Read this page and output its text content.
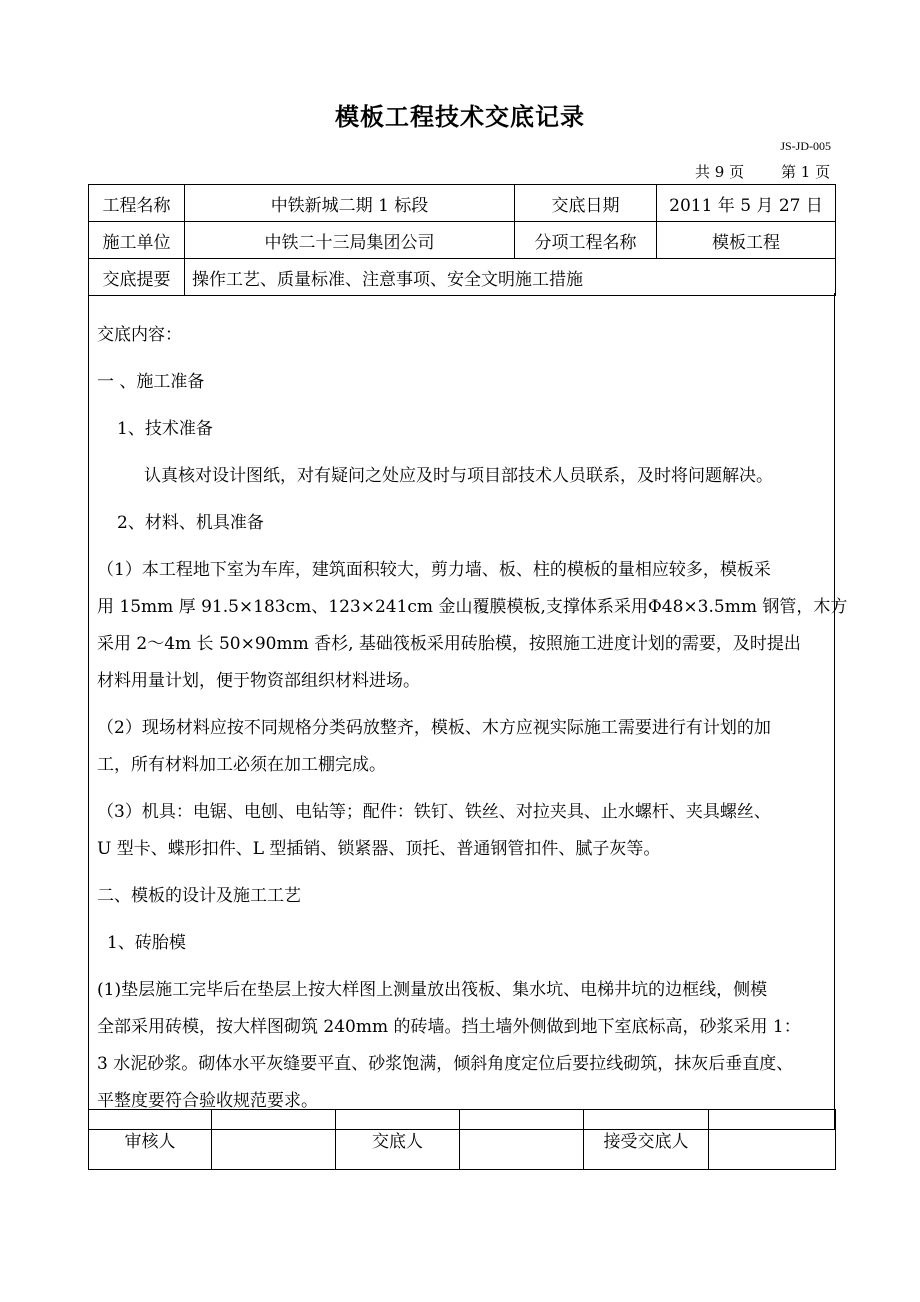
模板工程技术交底记录
JS-JD-005
共 9 页 第 1 页
工程名称	中铁新城二期 1 标段	交底日期	2011 年 5 月 27 日
施工单位	中铁二十三局集团公司	分项工程名称	模板工程
交底提要	操作工艺、质量标准、注意事项、安全文明施工措施		
交底内容：
一 、施工准备
1、技术准备
认真核对设计图纸，对有疑问之处应及时与项目部技术人员联系，及时将问题解决。
2、材料、机具准备
（1）本工程地下室为车库，建筑面积较大，剪力墙、板、柱的模板的量相应较多，模板采
用 15mm 厚 91.5×183cm、123×241cm 金山覆膜模板,支撑体系采用Φ48×3.5mm 钢管，木方
采用 2～4m 长 50×90mm 香杉, 基础筏板采用砖胎模，按照施工进度计划的需要，及时提出
材料用量计划，便于物资部组织材料进场。
（2）现场材料应按不同规格分类码放整齐，模板、木方应视实际施工需要进行有计划的加
工，所有材料加工必须在加工棚完成。
（3）机具：电锯、电刨、电钻等；配件：铁钉、铁丝、对拉夹具、止水螺杆、夹具螺丝、
U 型卡、蝶形扣件、L 型插销、锁紧器、顶托、普通钢管扣件、腻子灰等。
二、模板的设计及施工工艺
1、砖胎模
(1)垫层施工完毕后在垫层上按大样图上测量放出筏板、集水坑、电梯井坑的边框线，侧模
全部采用砖模，按大样图砌筑 240mm 的砖墙。挡土墙外侧做到地下室底标高，砂浆采用 1：
3 水泥砂浆。砌体水平灰缝要平直、砂浆饱满，倾斜角度定位后要拉线砌筑，抹灰后垂直度、
平整度要符合验收规范要求。
审核人		交底人		接受交底人	
